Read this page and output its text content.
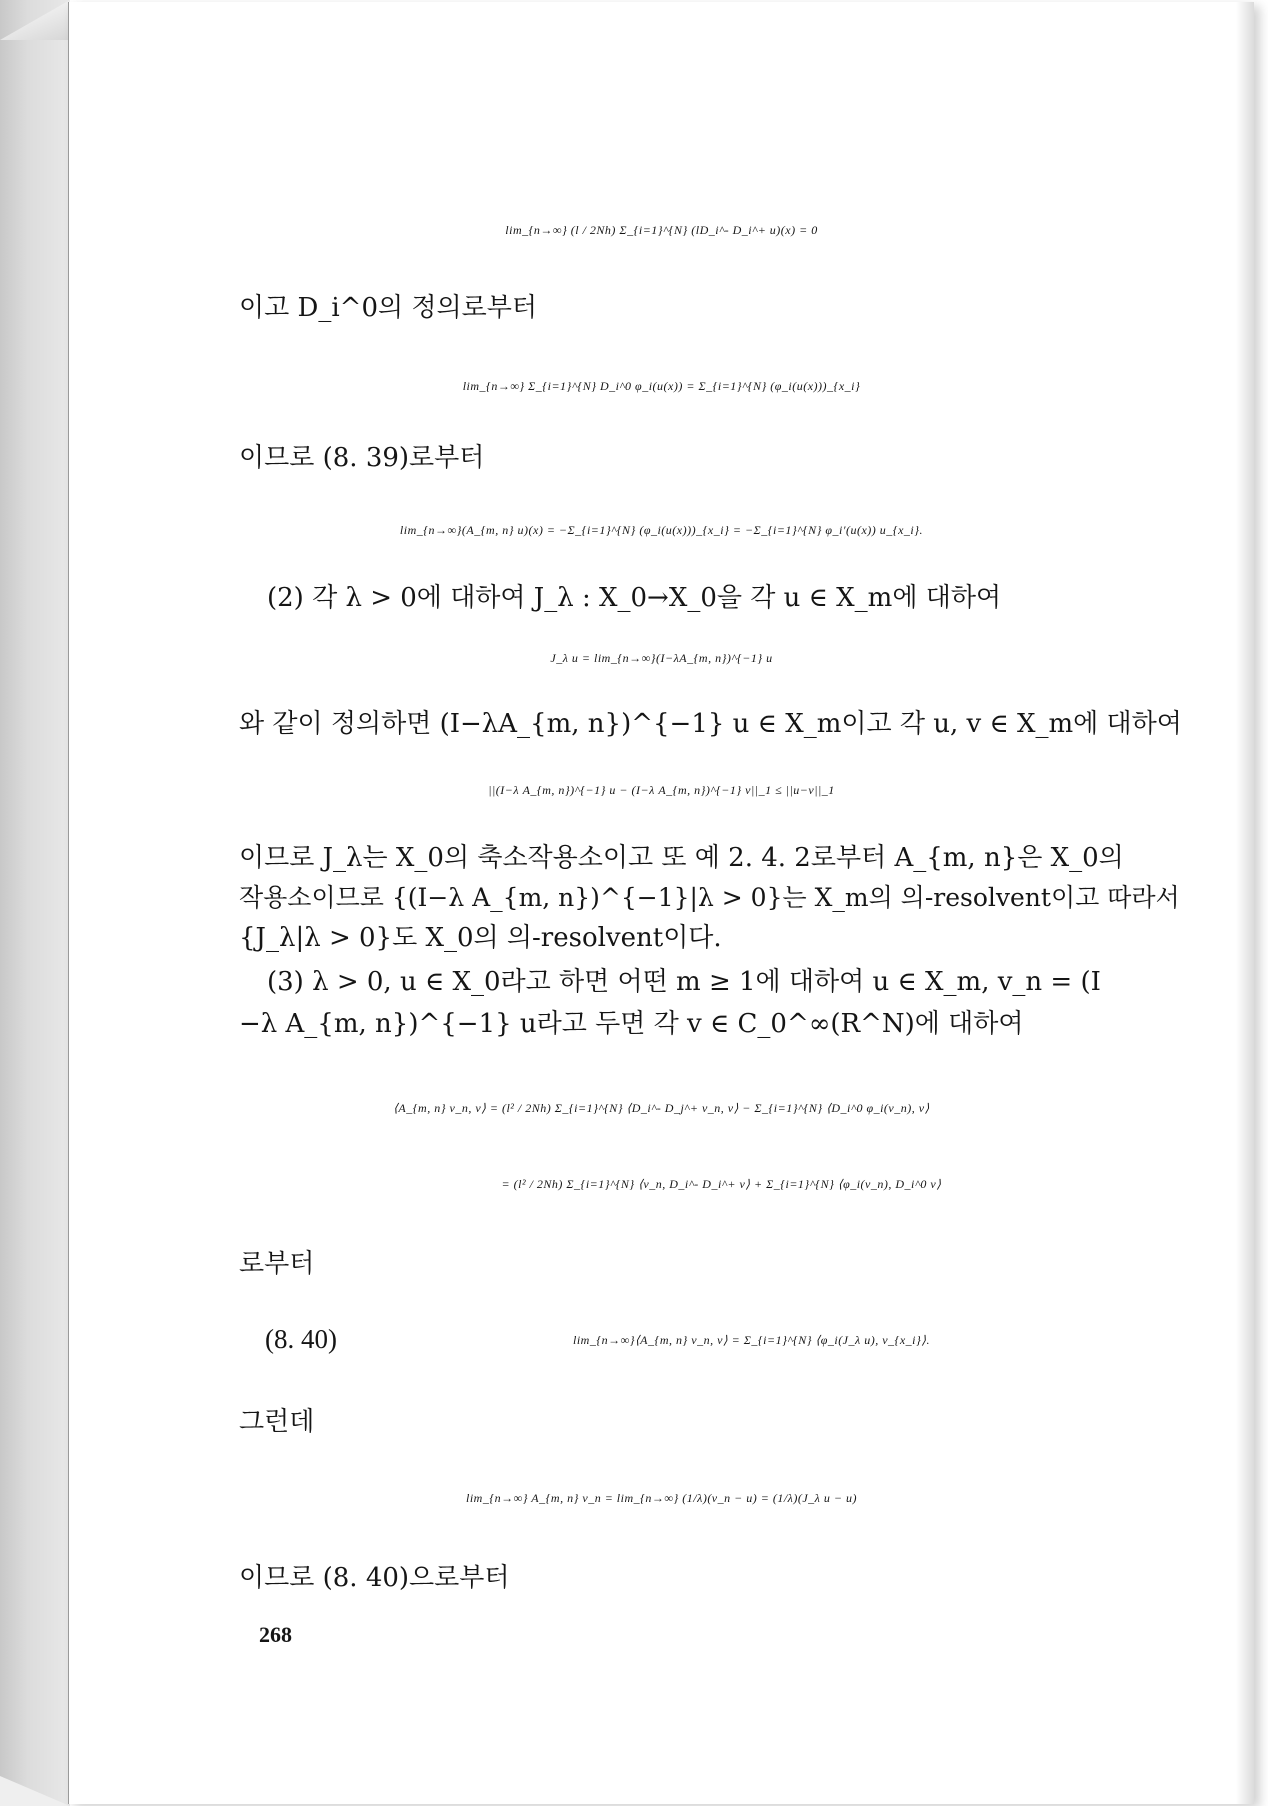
lim_{n→∞} (l / 2Nh) Σ_{i=1}^{N} (lD_i^- D_i^+ u)(x) = 0
이고 D_i^0의 정의로부터
lim_{n→∞} Σ_{i=1}^{N} D_i^0 φ_i(u(x)) = Σ_{i=1}^{N} (φ_i(u(x)))_{x_i}
이므로 (8. 39)로부터
lim_{n→∞}(A_{m, n} u)(x) = −Σ_{i=1}^{N} (φ_i(u(x)))_{x_i} = −Σ_{i=1}^{N} φ_i′(u(x)) u_{x_i}.
(2) 각 λ > 0에 대하여 J_λ : X_0→X_0을 각 u ∈ X_m에 대하여
J_λ u = lim_{n→∞}(I−λA_{m, n})^{−1} u
와 같이 정의하면 (I−λA_{m, n})^{−1} u ∈ X_m이고 각 u, v ∈ X_m에 대하여
||(I−λ A_{m, n})^{−1} u − (I−λ A_{m, n})^{−1} v||_1 ≤ ||u−v||_1
이므로 J_λ는 X_0의 축소작용소이고 또 예 2. 4. 2로부터 A_{m, n}은 X_0의
작용소이므로 {(I−λ A_{m, n})^{−1}|λ > 0}는 X_m의 의-resolvent이고 따라서
{J_λ|λ > 0}도 X_0의 의-resolvent이다.
(3) λ > 0, u ∈ X_0라고 하면 어떤 m ≥ 1에 대하여 u ∈ X_m, v_n = (I
−λ A_{m, n})^{−1} u라고 두면 각 v ∈ C_0^∞(R^N)에 대하여
⟨A_{m, n} v_n, v⟩ = (l² / 2Nh) Σ_{i=1}^{N} ⟨D_i^- D_j^+ v_n, v⟩ − Σ_{i=1}^{N} ⟨D_i^0 φ_i(v_n), v⟩
= (l² / 2Nh) Σ_{i=1}^{N} ⟨v_n, D_i^- D_i^+ v⟩ + Σ_{i=1}^{N} ⟨φ_i(v_n), D_i^0 v⟩
로부터
(8. 40)	lim_{n→∞}⟨A_{m, n} v_n, v⟩ = Σ_{i=1}^{N} ⟨φ_i(J_λ u), v_{x_i}⟩.
그런데
lim_{n→∞} A_{m, n} v_n = lim_{n→∞} (1/λ)(v_n − u) = (1/λ)(J_λ u − u)
이므로 (8. 40)으로부터
268
